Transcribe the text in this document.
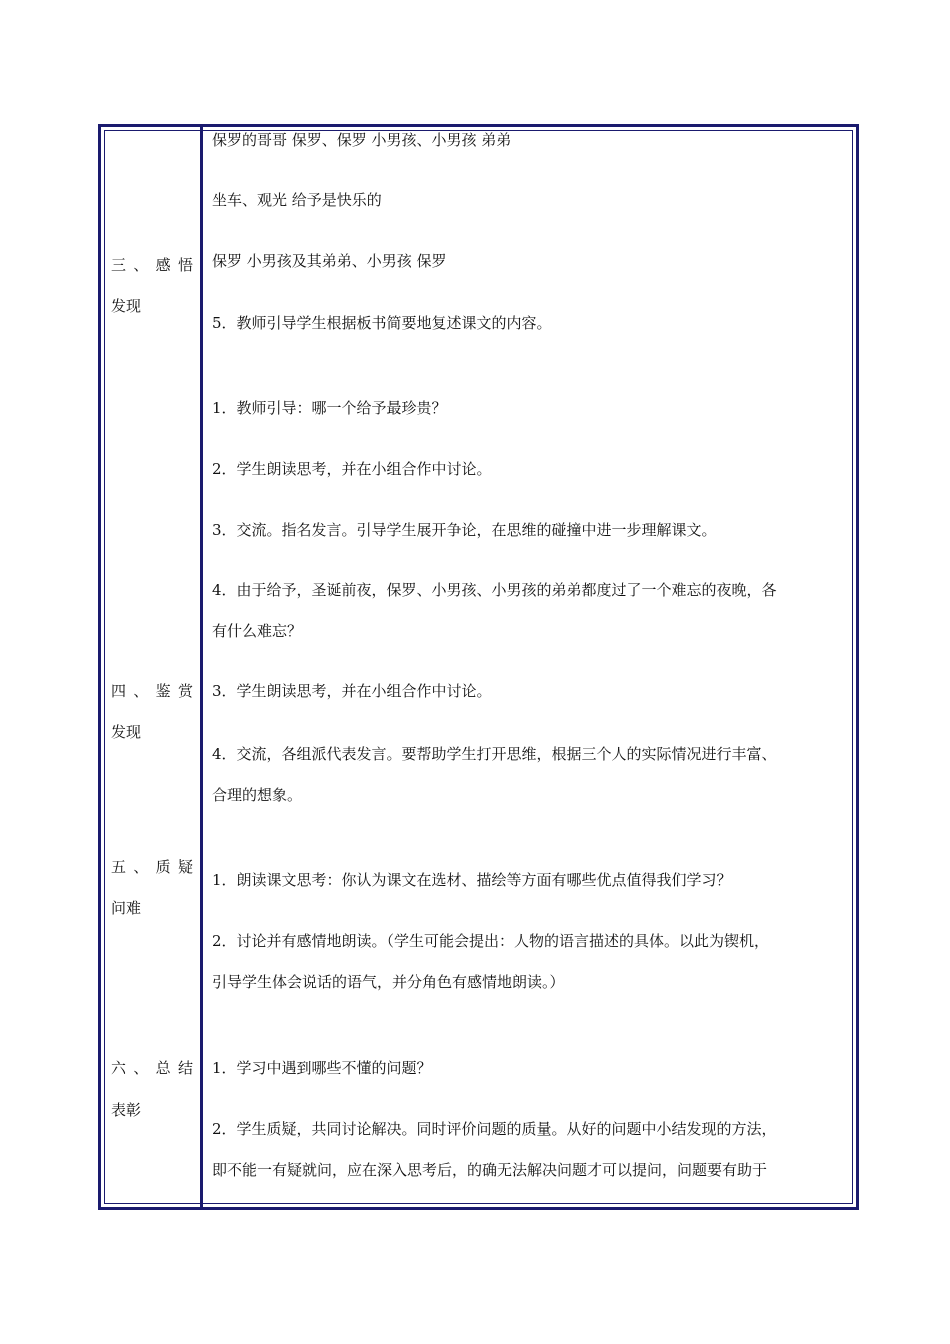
三 、 感 悟
发现
四 、 鉴 赏
发现
五 、 质 疑
问难
六 、 总 结
表彰
保罗的哥哥 保罗、保罗 小男孩、小男孩 弟弟
坐车、观光 给予是快乐的
保罗 小男孩及其弟弟、小男孩 保罗
5．教师引导学生根据板书简要地复述课文的内容。
1．教师引导：哪一个给予最珍贵？
2．学生朗读思考，并在小组合作中讨论。
3．交流。指名发言。引导学生展开争论，在思维的碰撞中进一步理解课文。
4．由于给予，圣诞前夜，保罗、小男孩、小男孩的弟弟都度过了一个难忘的夜晚，各
有什么难忘？
3．学生朗读思考，并在小组合作中讨论。
4．交流，各组派代表发言。要帮助学生打开思维，根据三个人的实际情况进行丰富、
合理的想象。
1．朗读课文思考：你认为课文在选材、描绘等方面有哪些优点值得我们学习？
2．讨论并有感情地朗读。（学生可能会提出：人物的语言描述的具体。以此为锲机，
引导学生体会说话的语气，并分角色有感情地朗读。）
1．学习中遇到哪些不懂的问题？
2．学生质疑，共同讨论解决。同时评价问题的质量。从好的问题中小结发现的方法，
即不能一有疑就问，应在深入思考后，的确无法解决问题才可以提问，问题要有助于
